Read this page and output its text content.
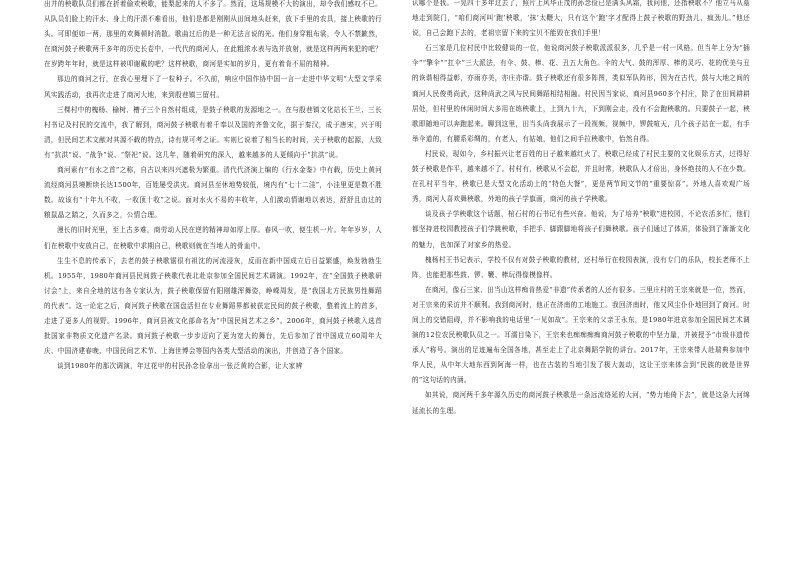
出井的秧歌队员们都在折着偷欢秧歌，能梨起来的人不多了。然而，这场规模不大的演出，却令我们感叹不已。从队员们脸上的汗水、身上的汗渍不难看出，他们是都是刚刚从田间地头赶来，放下手里的农具，接上秧歌的行头。可即便如一两，那里的欢舞顿时消散。歌曲过后的是一种无法言说的光。他们身穿粗布裳，令人不禁歉然，在商河鼓子秧歌两千多年的历史长卷中，一代代的商河人，在此粗浓水表与选并放射，就是这样两两来犯的吧？在岁跨年年时，就是这样被叩谢戴的吧？这样秧歌，商河是实如的岁月，更有着肯不屈的精神。

那边的商河之行，在我心里埋下了一粒种子。不久前，响应中国作协中国一言一走进中华文明”大型文学采风实践活动，我再次走进了商河大地，来到殷巷镇三留村。

三棵村中的槐杨、榆树、槽子三个自然村组成，是鼓子秧歌的发源地之一。在与殷巷镇文化站长王兰、三长村书记及村民的交流中，我了解到，商河鼓子秧歌有着千奉以及国的齐鲁文化，据于秦汉，成于唐宋，兴于明清，但民间艺术文献对其源不载的特点，诗有规可考之证。实则匕说着了相当长的时间，关于秧歌的起源，大致有“抗洪”说、“战争”说、“祭祀”说。这几年，随着研究的深入，越来越多的人更倾向于“抗洪”说。

商河素有“有水之首”之称，自古以来四兴遮极为繁重。清代代济演上编的《行水金鉴》中有载，历史上黄河流经商河县境断续长达1500年，百姓屡受洪灾。商河县至休地势较低，境内有“七十二洼”，小洼里更是数不胜数。故该有“十年九不收，一收顶十收”之说。面对水火不易的丰收年，人们激动情谢地以表达，舒舒且由过的粮鼠晶之踏之，久而多之，公情合理。

漫长的旧时光里，至上古多难，商劳动人民在逆的精神却如厚上厚。春风一吹，便生机一片。年年岁岁，人们在秧歌中安放自己，在秧歌中求期自己，秧歌则就在当地人的骨血中。

生生不息的传承下，去老的鼓子秧歌锯很有祖沈的河流浸灰，反而在新中国成立后日益繁盛，焕发勃勃生机。1955年，1980年商河县民间鼓子秧歌代表北赴京参加全国民间艺术调演。1992年，在“全国鼓子秧歌研讨会”上，来自全地的这有各专家认为，鼓子秧歌保留有阳刚雄浑舞姿，峥嵘周发，是“我国北方民族男性舞蹈的代表”。这一论定之后，商河鼓子秧歌在国盘活但在专业舞蹈界都被获定民间的鼓子秧歌，整着流上的首多，走进了更多人的视野。1996年，商河县被文化部命名为“中国民间艺术之乡”。2006年，商河鼓子秧歌入选首批国家非物质文化遗产名录。商河鼓子秧歌一步步迈向了更为宽大的舞台，先后参加了首中国成立60周年大庆、中国济建春晚、中国民间艺术节、上海世博会等国内各类大型活动的演出，并创造了各个国家。

谈到1980年的那次调演，年过花甲的村民孙念俭拿出一张泛黄的合影，让大家辨

认哪个是我。一晃四十多年过去了，照片上风华正茂的孙念俭已是满头风霜，我问他，还指秧歌不？他立马从墓地走到院门，“咱们商河叫‘跑’秧歌，‘抹’太鞭大，只有这个‘跑’字才配得上鼓子秧歌的野劲儿、疯劲儿。”他还说，自己会跑下去的，老祖宗留下来的宝贝不能毁在我们手里！

石三家是几位村民中比较健谈的一位，他说商河鼓子秧歌派派很多，几乎是一村一风格。但当年上分为“插伞”“擎伞”“扛伞”三大派法，有伞、鼓、棒、花、丑五大角色。伞的大气、鼓的浑厚、棒的灵巧、花的优美与丑的诙谐相得益彰，亦雨亦美，亦庄亦谐。鼓子秧歌还有很多阵图，类似军队阵形，因为在古代，鼓与大地之间的商河人民俊勇尚武，这种尚武之风与民间舞蹈相结相融。村民因当家说，商河县960多个村庄，除了在田间耕耕居处，但村里的休闲时间大多用在练秧歌上，上到九十九，下到刚会走，没有不会跑秧歌的。只要鼓子一起，秧歌即随地可以奔跑起来。聊到这里，田当头尚我展示了一段视频，视频中，锣鼓喧天，几个孩子站在一起，有手举伞道的，有腰系彩绸的，有老人，有姑娘，他们之间手拉秧歌中，怡然自得。

村民说，现如今，乡村振兴让老百姓的日子越来越红火了，秧歌已经成了村民主要的文化娱乐方式，过得好鼓子秧歌是作平，越来越不了。村村有，秧歌从不会起，并且时常，秧歌队人才倍出，身怀绝技的人不在少数。在孔村平当年，秧歌已是大型文化活动上的“特色大餐”，更是两节间文节的“重要惊喜”。外地人喜欢观广场秀，商河人喜欢舞秧歌，外地的孩子学旗画，商河的孩子学秧歌。

谈及孩子学秧歌这个话题，棺石村的石书记有些兴奋。他说，为了培养“秧歌”进校园，不论农活多忙，他们都坚持进校园教授孩子们学跳秧歌，手把手、脚跟脚地将孩子们舞秧歌。孩子们通过了体质，体验到了渐渐文化的魅力，也加深了对家乡的热爱。

槐杨村王书记表示，学校不仅有对鼓子秧歌的教材，还村举行在校园表演，没有专门的乐队，校长老师不上阵，也能把那些鼓、锣、鞭、棒玩得像模像样。

在商河，像石三家、田当山这样痴肯热爱“非遗”传承者的人还有很多。三里庄村的王宗来就是一位，然而，对王宗来的采访并不顺利。我到商河时，他正在济南的工地施工。我回济南时，他又风尘仆仆地回到了商河。时间上的交错阻碍，并不影响我的电话里“一见如故”。王宗来的父亲王永东，是1980年进京参加全国民间艺术调演的12位农民秧歌队员之一。耳濡目染下，王宗来也痴痴痴痴商河鼓子秧歌的中坚力量，并被授予“市级非遗传承人”称号。演出的足迹遍布全国各地，甚至走上了北京舞蹈学院的讲台。2017年，王宗来带人赴瑞典参加中华人民，从中年大地东西到阿海一样，也在古装的当地引发了极大轰动，这让王宗来体会到“民族的就是世界的”这句话的内涵。

如其说，商河两千多年源久历史的商河鼓子秧歌是一条远流络延的大河，“势力地倚下去”，就是这条大河绵延流长的生理。
